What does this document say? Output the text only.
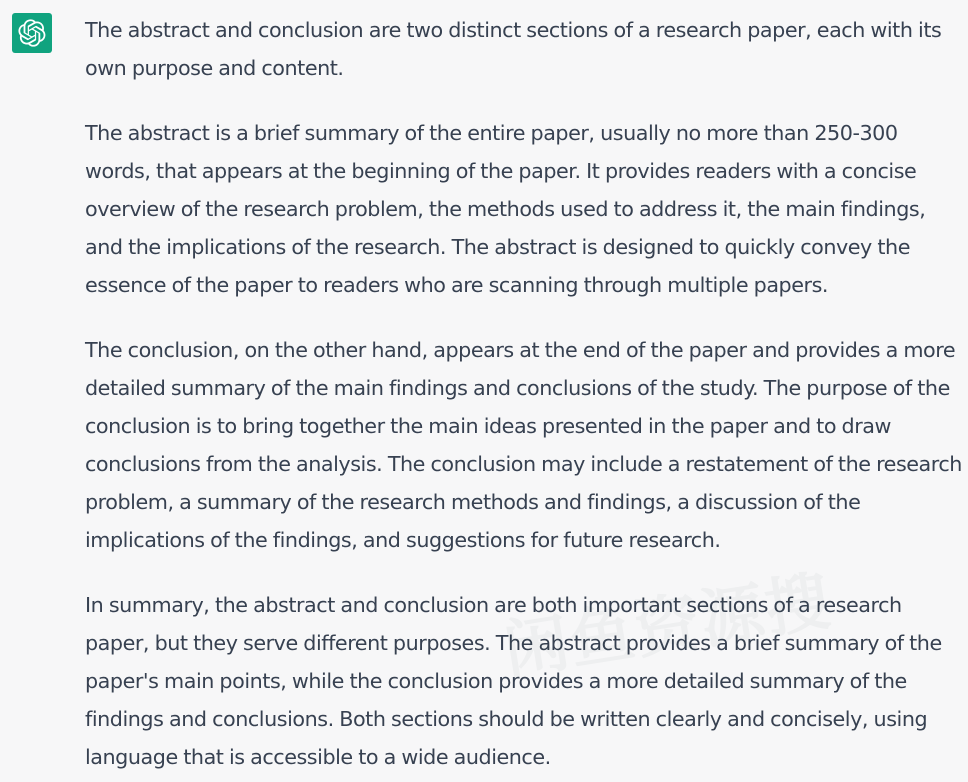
The abstract and conclusion are two distinct sections of a research paper, each with its own purpose and content.

The abstract is a brief summary of the entire paper, usually no more than 250-300 words, that appears at the beginning of the paper. It provides readers with a concise overview of the research problem, the methods used to address it, the main findings, and the implications of the research. The abstract is designed to quickly convey the essence of the paper to readers who are scanning through multiple papers.

The conclusion, on the other hand, appears at the end of the paper and provides a more detailed summary of the main findings and conclusions of the study. The purpose of the conclusion is to bring together the main ideas presented in the paper and to draw conclusions from the analysis. The conclusion may include a restatement of the research problem, a summary of the research methods and findings, a discussion of the implications of the findings, and suggestions for future research.

In summary, the abstract and conclusion are both important sections of a research paper, but they serve different purposes. The abstract provides a brief summary of the paper's main points, while the conclusion provides a more detailed summary of the findings and conclusions. Both sections should be written clearly and concisely, using language that is accessible to a wide audience.
